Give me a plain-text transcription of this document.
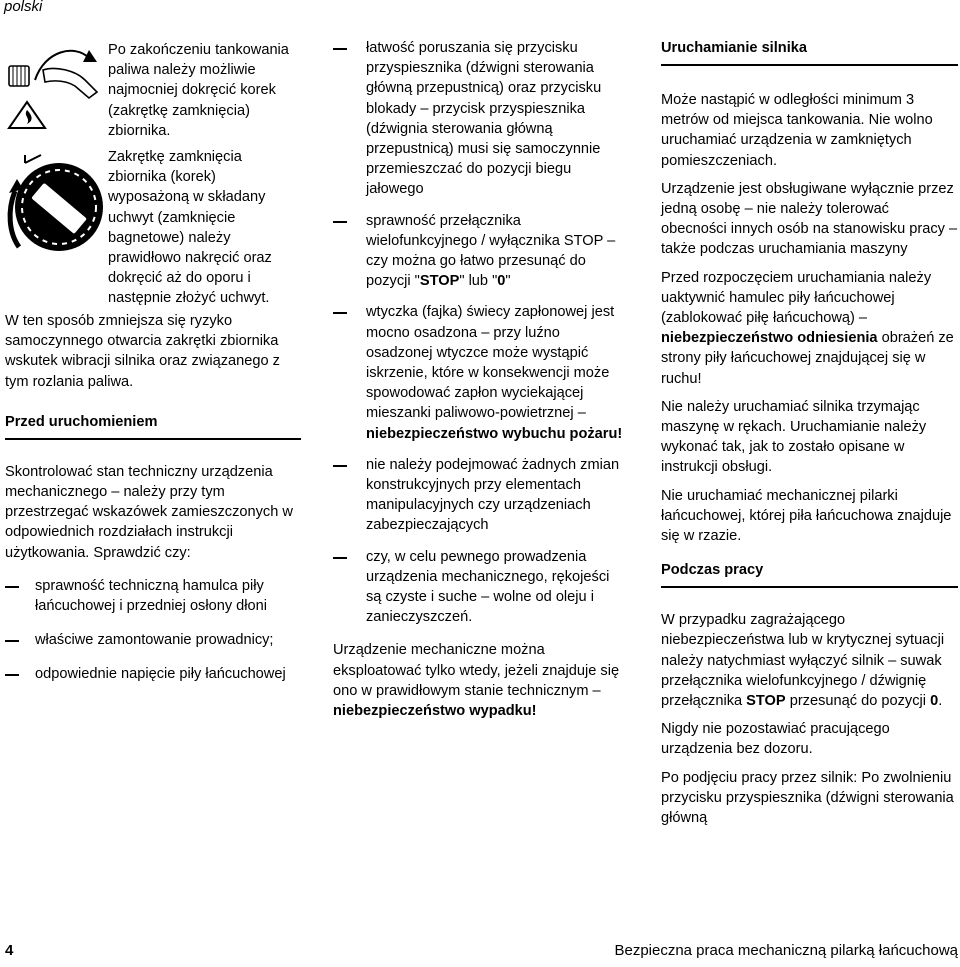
polski
Po zakończeniu tankowania paliwa należy możliwie najmocniej dokręcić korek (zakrętkę zamknięcia) zbiornika.
Zakrętkę zamknięcia zbiornika (korek) wyposażoną w składany uchwyt (zamknięcie bagnetowe) należy prawidłowo nakręcić oraz dokręcić aż do oporu i następnie złożyć uchwyt.

W ten sposób zmniejsza się ryzyko samoczynnego otwarcia zakrętki zbiornika wskutek wibracji silnika oraz związanego z tym rozlania paliwa.

Przed uruchomieniem

Skontrolować stan techniczny urządzenia mechanicznego – należy przy tym przestrzegać wskazówek zamieszczonych w odpowiednich rozdziałach instrukcji użytkowania. Sprawdzić czy:

sprawność techniczną hamulca piły łańcuchowej i przedniej osłony dłoni
właściwe zamontowanie prowadnicy;
odpowiednie napięcie piły łańcuchowej
łatwość poruszania się przycisku przyspiesznika (dźwigni sterowania główną przepustnicą) oraz przycisku blokady – przycisk przyspiesznika (dźwignia sterowania główną przepustnicą) musi się samoczynnie przemieszczać do pozycji biegu jałowego
sprawność przełącznika wielofunkcyjnego / wyłącznika STOP – czy można go łatwo przesunąć do pozycji "STOP" lub "0"
wtyczka (fajka) świecy zapłonowej jest mocno osadzona – przy luźno osadzonej wtyczce może wystąpić iskrzenie, które w konsekwencji może spowodować zapłon wyciekającej mieszanki paliwowo-powietrznej – niebezpieczeństwo wybuchu pożaru!
nie należy podejmować żadnych zmian konstrukcyjnych przy elementach manipulacyjnych czy urządzeniach zabezpieczających
czy, w celu pewnego prowadzenia urządzenia mechanicznego, rękojeści są czyste i suche – wolne od oleju i zanieczyszczeń.

Urządzenie mechaniczne można eksploatować tylko wtedy, jeżeli znajduje się ono w prawidłowym stanie technicznym – niebezpieczeństwo wypadku!

Uruchamianie silnika

Może nastąpić w odległości minimum 3 metrów od miejsca tankowania. Nie wolno uruchamiać urządzenia w zamkniętych pomieszczeniach.

Urządzenie jest obsługiwane wyłącznie przez jedną osobę – nie należy tolerować obecności innych osób na stanowisku pracy – także podczas uruchamiania maszyny

Przed rozpoczęciem uruchamiania należy uaktywnić hamulec piły łańcuchowej (zablokować piłę łańcuchową) – niebezpieczeństwo odniesienia obrażeń ze strony piły łańcuchowej znajdującej się w ruchu!

Nie należy uruchamiać silnika trzymając maszynę w rękach. Uruchamianie należy wykonać tak, jak to zostało opisane w instrukcji obsługi.

Nie uruchamiać mechanicznej pilarki łańcuchowej, której piła łańcuchowa znajduje się w rzazie.

Podczas pracy

W przypadku zagrażającego niebezpieczeństwa lub w krytycznej sytuacji należy natychmiast wyłączyć silnik – suwak przełącznika wielofunkcyjnego / dźwignię przełącznika STOP przesunąć do pozycji 0.

Nigdy nie pozostawiać pracującego urządzenia bez dozoru.

Po podjęciu pracy przez silnik: Po zwolnieniu przycisku przyspiesznika (dźwigni sterowania główną

4	Bezpieczna praca mechaniczną pilarką łańcuchową
